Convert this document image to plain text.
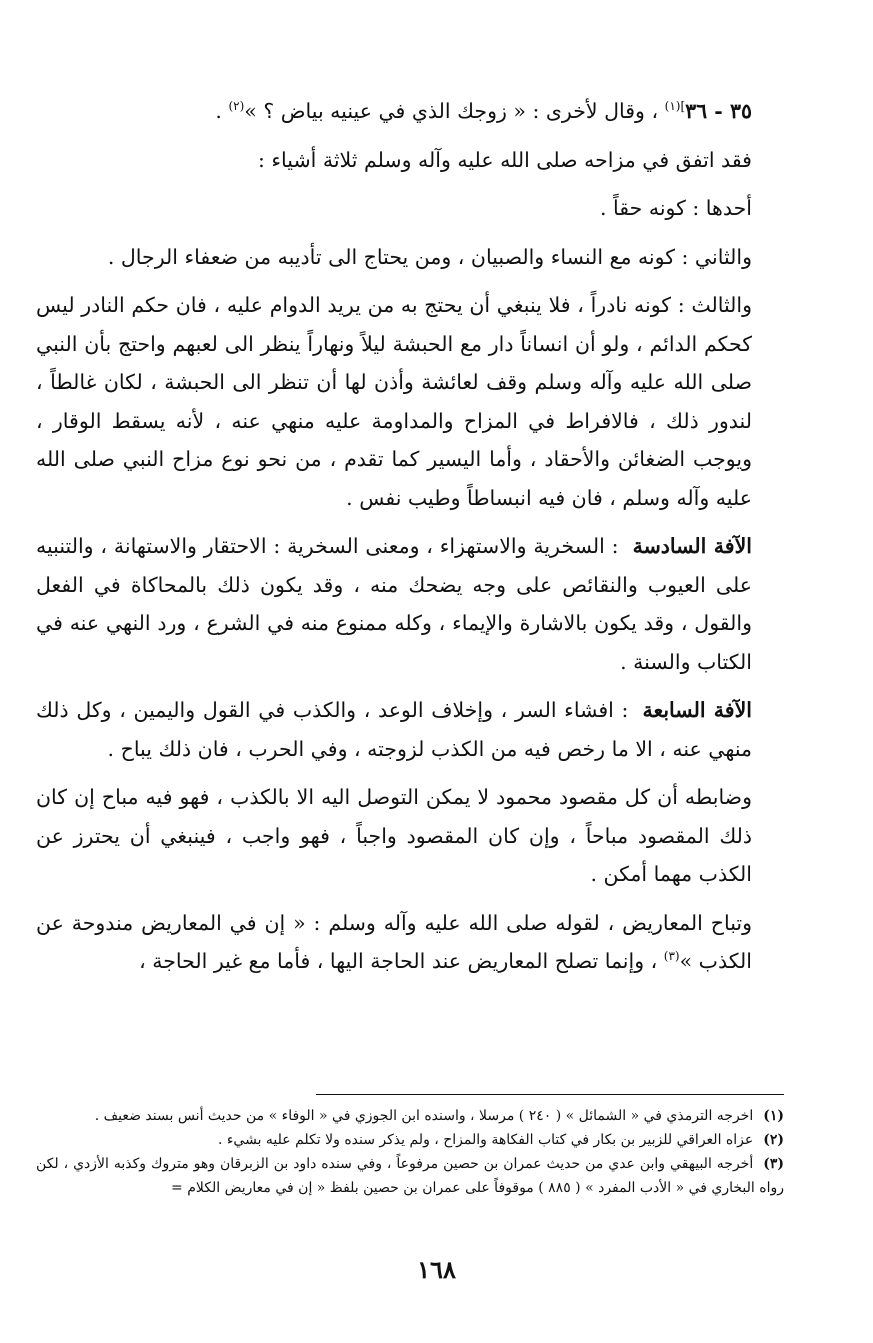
٣٥ - $٣٦^{](١)}$ ، وقال لأخرى : « زوجك الذي في عينيه بياض ؟ »$^{(٢)}$ .

فقد اتفق في مزاحه صلى الله عليه وآله وسلم ثلاثة أشياء :

أحدها : كونه حقاً .

والثاني : كونه مع النساء والصبيان ، ومن يحتاج الى تأديبه من ضعفاء الرجال .

والثالث : كونه نادراً ، فلا ينبغي أن يحتج به من يريد الدوام عليه ، فان حكم النادر ليس كحكم الدائم ، ولو أن انساناً دار مع الحبشة ليلاً ونهاراً ينظر الى لعبهم واحتج بأن النبي صلى الله عليه وآله وسلم وقف لعائشة وأذن لها أن تنظر الى الحبشة ، لكان غالطاً ، لندور ذلك ، فالافراط في المزاح والمداومة عليه منهي عنه ، لأنه يسقط الوقار ، ويوجب الضغائن والأحقاد ، وأما اليسير كما تقدم ، من نحو نوع مزاح النبي صلى الله عليه وآله وسلم ، فان فيه انبساطاً وطيب نفس .

الآفة السادسة: السخرية والاستهزاء ، ومعنى السخرية : الاحتقار والاستهانة ، والتنبيه على العيوب والنقائص على وجه يضحك منه ، وقد يكون ذلك بالمحاكاة في الفعل والقول ، وقد يكون بالاشارة والإيماء ، وكله ممنوع منه في الشرع ، ورد النهي عنه في الكتاب والسنة .

الآفة السابعة: افشاء السر ، وإخلاف الوعد ، والكذب في القول واليمين ، وكل ذلك منهي عنه ، الا ما رخص فيه من الكذب لزوجته ، وفي الحرب ، فان ذلك يباح .

وضابطه أن كل مقصود محمود لا يمكن التوصل اليه الا بالكذب ، فهو فيه مباح إن كان ذلك المقصود مباحاً ، وإن كان المقصود واجباً ، فهو واجب ، فينبغي أن يحترز عن الكذب مهما أمكن .

وتباح المعاريض ، لقوله صلى الله عليه وآله وسلم : « إن في المعاريض مندوحة عن الكذب »$^{(٣)}$ ، وإنما تصلح المعاريض عند الحاجة اليها ، فأما مع غير الحاجة ،

(١)اخرجه الترمذي في « الشمائل » ( ٢٤٠ ) مرسلا ، واسنده ابن الجوزي في « الوفاء » من حديث أنس بسند ضعيف .

(٢)عزاه العراقي للزبير بن بكار في كتاب الفكاهة والمزاح ، ولم يذكر سنده ولا تكلم عليه بشيء .

(٣)أخرجه البيهقي وابن عدي من حديث عمران بن حصين مرفوعاً ، وفي سنده داود بن الزبرقان وهو متروك وكذبه الأزدي ، لكن رواه البخاري في « الأدب المفرد » ( ٨٨٥ ) موقوفاً على عمران بن حصين بلفظ « إن في معاريض الكلام =

١٦٨
